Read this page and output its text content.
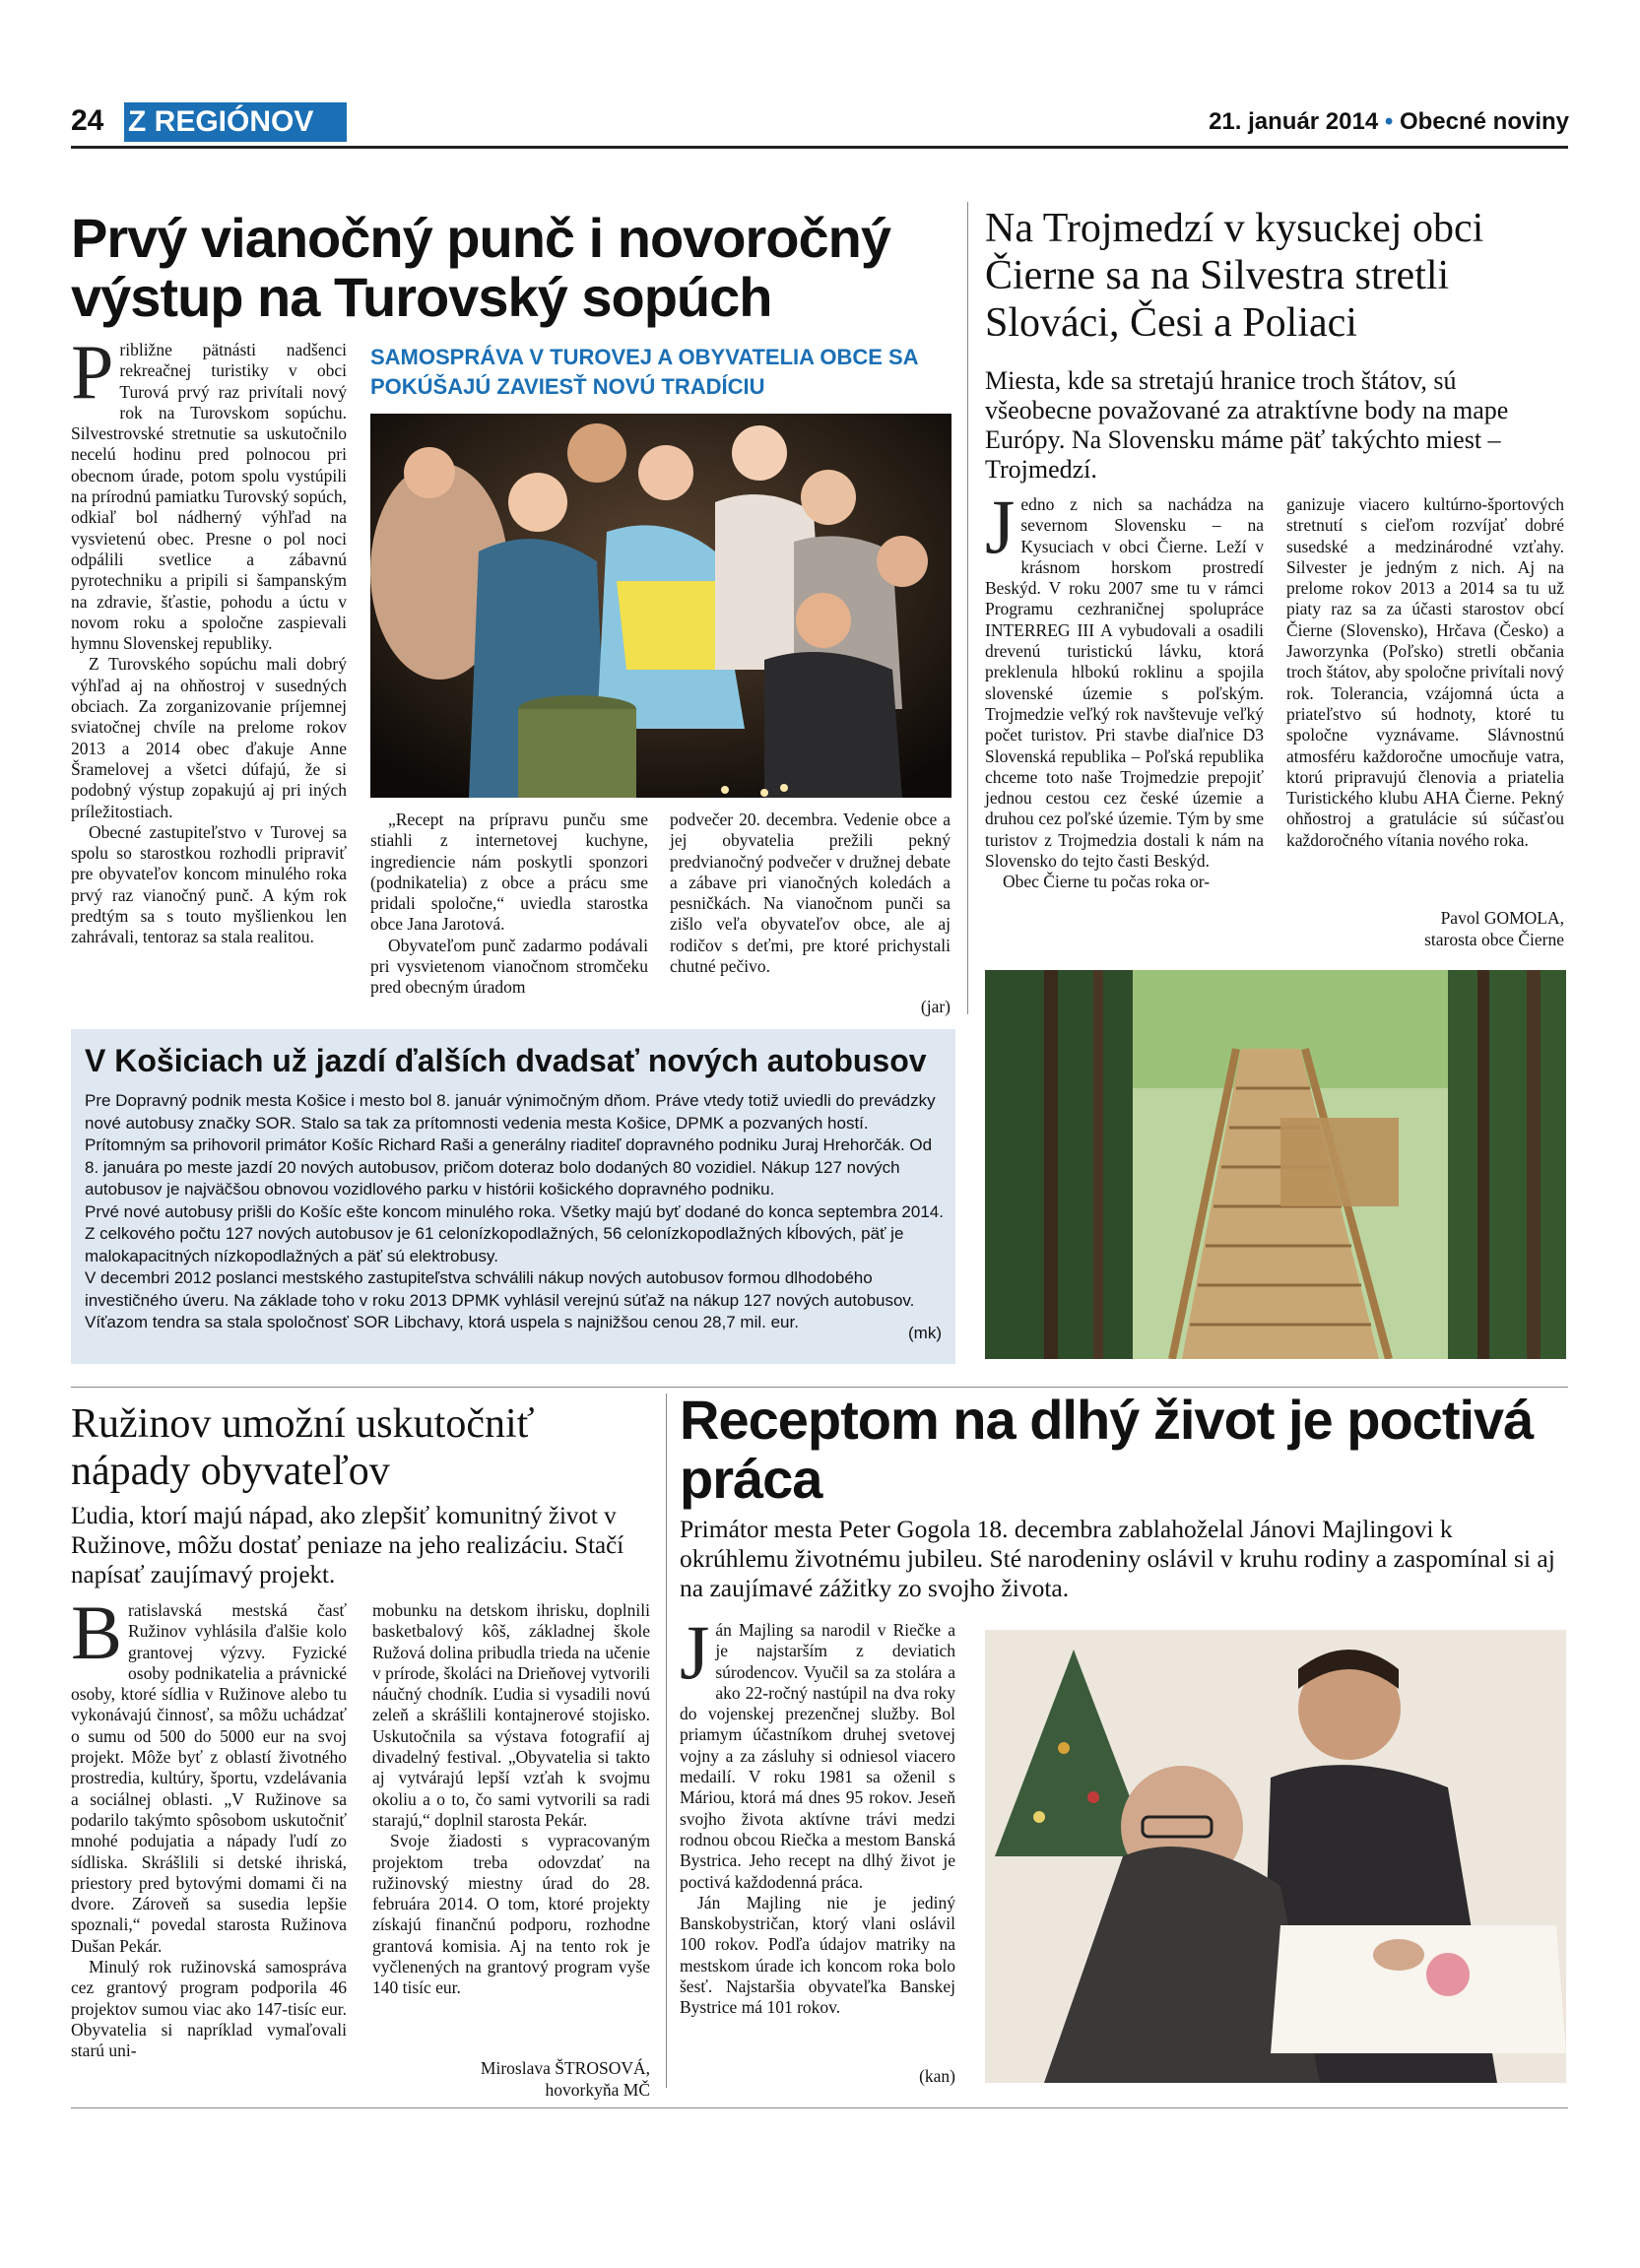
24 Z REGIÓNOV	21. január 2014 • Obecné noviny
Prvý vianočný punč i novoročný výstup na Turovský sopúch

Približne pätnásti nadšenci rekreačnej turistiky v obci Turová prvý raz privítali nový rok na Turovskom sopúchu. Silvestrovské stretnutie sa uskutočnilo necelú hodinu pred polnocou pri obecnom úrade, potom spolu vystúpili na prírodnú pamiatku Turovský sopúch, odkiaľ bol nádherný výhľad na vysvietenú obec. Presne o pol noci odpálili svetlice a zábavnú pyrotechniku a pripili si šampanským na zdravie, šťastie, pohodu a úctu v novom roku a spoločne zaspievali hymnu Slovenskej republiky.

Z Turovského sopúchu mali dobrý výhľad aj na ohňostroj v susedných obciach. Za zorganizovanie príjemnej sviatočnej chvíle na prelome rokov 2013 a 2014 obec ďakuje Anne Šramelovej a všetci dúfajú, že si podobný výstup zopakujú aj pri iných príležitostiach.

Obecné zastupiteľstvo v Turovej sa spolu so starostkou rozhodli pripraviť pre obyvateľov koncom minulého roka prvý raz vianočný punč. A kým rok predtým sa s touto myšlienkou len zahrávali, tentoraz sa stala realitou.

SAMOSPRÁVA V TUROVEJ A OBYVATELIA OBCE SA POKÚŠAJÚ ZAVIESŤ NOVÚ TRADÍCIU

„Recept na prípravu punču sme stiahli z internetovej kuchyne, ingrediencie nám poskytli sponzori (podnikatelia) z obce a prácu sme pridali spoločne,“ uviedla starostka obce Jana Jarotová.

Obyvateľom punč zadarmo podávali pri vysvietenom vianočnom stromčeku pred obecným úradom

podvečer 20. decembra. Vedenie obce a jej obyvatelia prežili pekný predvianočný podvečer v družnej debate a zábave pri vianočných koledách a pesničkách. Na vianočnom punči sa zišlo veľa obyvateľov obce, ale aj rodičov s deťmi, pre ktoré prichystali chutné pečivo.

(jar)
Na Trojmedzí v kysuckej obci Čierne sa na Silvestra stretli Slováci, Česi a Poliaci
Miesta, kde sa stretajú hranice troch štátov, sú všeobecne považované za atraktívne body na mape Európy. Na Slovensku máme päť takýchto miest – Trojmedzí.

Jedno z nich sa nachádza na severnom Slovensku – na Kysuciach v obci Čierne. Leží v krásnom horskom prostredí Beskýd. V roku 2007 sme tu v rámci Programu cezhraničnej spolupráce INTERREG III A vybudovali a osadili drevenú turistickú lávku, ktorá preklenula hlbokú roklinu a spojila slovenské územie s poľským. Trojmedzie veľký rok navštevuje veľký počet turistov. Pri stavbe diaľnice D3 Slovenská republika – Poľská republika chceme toto naše Trojmedzie prepojiť jednou cestou cez české územie a druhou cez poľské územie. Tým by sme turistov z Trojmedzia dostali k nám na Slovensko do tejto časti Beskýd.

Obec Čierne tu počas roka or-

ganizuje viacero kultúrno-športových stretnutí s cieľom rozvíjať dobré susedské a medzinárodné vzťahy. Silvester je jedným z nich. Aj na prelome rokov 2013 a 2014 sa tu už piaty raz sa za účasti starostov obcí Čierne (Slovensko), Hrčava (Česko) a Jaworzynka (Poľsko) stretli občania troch štátov, aby spoločne privítali nový rok. Tolerancia, vzájomná úcta a priateľstvo sú hodnoty, ktoré tu spoločne vyznávame. Slávnostnú atmosféru každoročne umocňuje vatra, ktorú pripravujú členovia a priatelia Turistického klubu AHA Čierne. Pekný ohňostroj a gratulácie sú súčasťou každoročného vítania nového roka.

Pavol GOMOLA,
starosta obce Čierne
V Košiciach už jazdí ďalších dvadsať nových autobusov

Pre Dopravný podnik mesta Košice i mesto bol 8. január výnimočným dňom. Práve vtedy totiž uviedli do prevádzky nové autobusy značky SOR. Stalo sa tak za prítomnosti vedenia mesta Košice, DPMK a pozvaných hostí. Prítomným sa prihovoril primátor Košíc Richard Raši a generálny riaditeľ dopravného podniku Juraj Hrehorčák. Od 8. januára po meste jazdí 20 nových autobusov, pričom doteraz bolo dodaných 80 vozidiel. Nákup 127 nových autobusov je najväčšou obnovou vozidlového parku v histórii košického dopravného podniku.

Prvé nové autobusy prišli do Košíc ešte koncom minulého roka. Všetky majú byť dodané do konca septembra 2014. Z celkového počtu 127 nových autobusov je 61 celonízkopodlažných, 56 celonízkopodlažných kĺbových, päť je malokapacitných nízkopodlažných a päť sú elektrobusy.

V decembri 2012 poslanci mestského zastupiteľstva schválili nákup nových autobusov formou dlhodobého investičného úveru. Na základe toho v roku 2013 DPMK vyhlásil verejnú súťaž na nákup 127 nových autobusov. Víťazom tendra sa stala spoločnosť SOR Libchavy, ktorá uspela s najnižšou cenou 28,7 mil. eur.

(mk)
Ružinov umožní uskutočniť nápady obyvateľov
Ľudia, ktorí majú nápad, ako zlepšiť komunitný život v Ružinove, môžu dostať peniaze na jeho realizáciu. Stačí napísať zaujímavý projekt.

Bratislavská mestská časť Ružinov vyhlásila ďalšie kolo grantovej výzvy. Fyzické osoby podnikatelia a právnické osoby, ktoré sídlia v Ružinove alebo tu vykonávajú činnosť, sa môžu uchádzať o sumu od 500 do 5000 eur na svoj projekt. Môže byť z oblastí životného prostredia, kultúry, športu, vzdelávania a sociálnej oblasti. „V Ružinove sa podarilo takýmto spôsobom uskutočniť mnohé podujatia a nápady ľudí zo sídliska. Skrášlili si detské ihriská, priestory pred bytovými domami či na dvore. Zároveň sa susedia lepšie spoznali,“ povedal starosta Ružinova Dušan Pekár.

Minulý rok ružinovská samospráva cez grantový program podporila 46 projektov sumou viac ako 147-tisíc eur. Obyvatelia si napríklad vymaľovali starú uni-

mobunku na detskom ihrisku, doplnili basketbalový kôš, základnej škole Ružová dolina pribudla trieda na učenie v prírode, školáci na Drieňovej vytvorili náučný chodník. Ľudia si vysadili novú zeleň a skrášlili kontajnerové stojisko. Uskutočnila sa výstava fotografií aj divadelný festival. „Obyvatelia si takto aj vytvárajú lepší vzťah k svojmu okoliu a o to, čo sami vytvorili sa radi starajú,“ doplnil starosta Pekár.

Svoje žiadosti s vypracovaným projektom treba odovzdať na ružinovský miestny úrad do 28. februára 2014. O tom, ktoré projekty získajú finančnú podporu, rozhodne grantová komisia. Aj na tento rok je vyčlenených na grantový program vyše 140 tisíc eur.

Miroslava ŠTROSOVÁ,
hovorkyňa MČ
Receptom na dlhý život je poctivá práca
Primátor mesta Peter Gogola 18. decembra zablahoželal Jánovi Majlingovi k okrúhlemu životnému jubileu. Sté narodeniny oslávil v kruhu rodiny a zaspomínal si aj na zaujímavé zážitky zo svojho života.

Ján Majling sa narodil v Riečke a je najstarším z deviatich súrodencov. Vyučil sa za stolára a ako 22-ročný nastúpil na dva roky do vojenskej prezenčnej služby. Bol priamym účastníkom druhej svetovej vojny a za zásluhy si odniesol viacero medailí. V roku 1981 sa oženil s Máriou, ktorá má dnes 95 rokov. Jeseň svojho života aktívne trávi medzi rodnou obcou Riečka a mestom Banská Bystrica. Jeho recept na dlhý život je poctivá každodenná práca.

Ján Majling nie je jediný Banskobystričan, ktorý vlani oslávil 100 rokov. Podľa údajov matriky na mestskom úrade ich koncom roka bolo šesť. Najstaršia obyvateľka Banskej Bystrice má 101 rokov.

(kan)
